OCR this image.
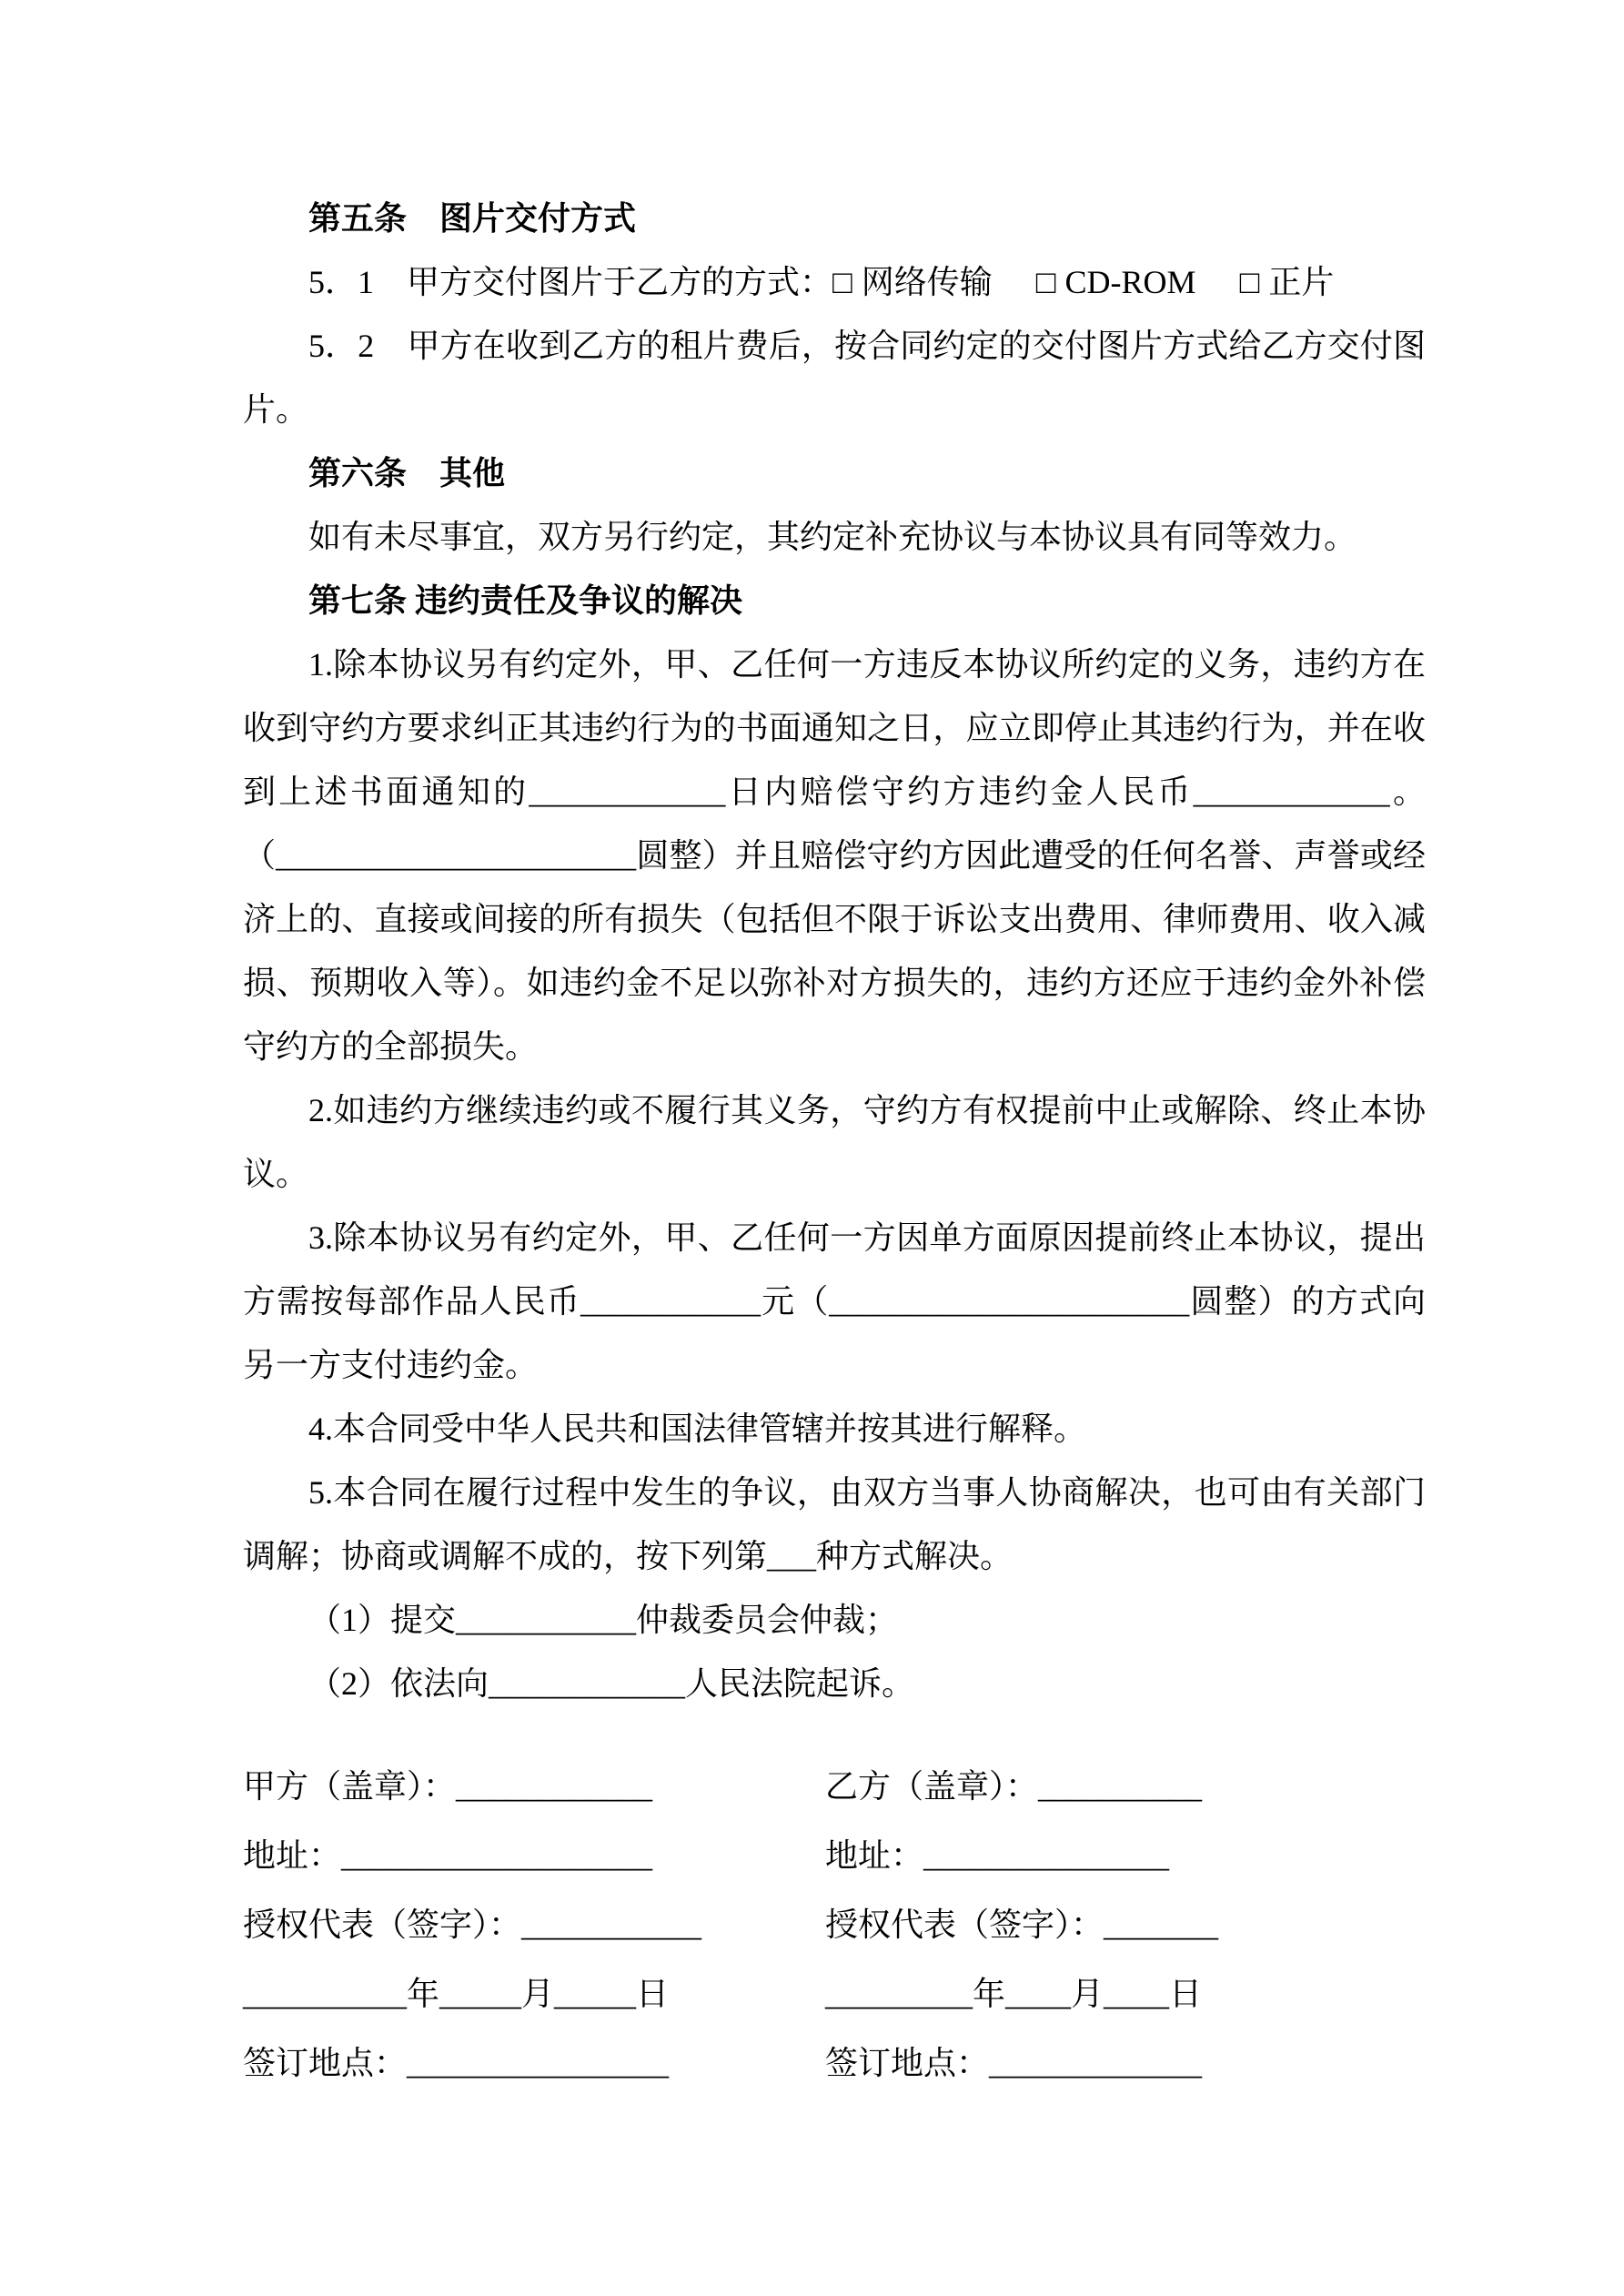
第五条　图片交付方式

5．1　甲方交付图片于乙方的方式：□ 网络传输 □ CD-ROM □ 正片

5．2　甲方在收到乙方的租片费后，按合同约定的交付图片方式给乙方交付图片。

第六条　其他

如有未尽事宜，双方另行约定，其约定补充协议与本协议具有同等效力。

第七条 违约责任及争议的解决

1.除本协议另有约定外，甲、乙任何一方违反本协议所约定的义务，违约方在收到守约方要求纠正其违约行为的书面通知之日，应立即停止其违约行为，并在收到上述书面通知的____________日内赔偿守约方违约金人民币____________。（______________________圆整）并且赔偿守约方因此遭受的任何名誉、声誉或经济上的、直接或间接的所有损失（包括但不限于诉讼支出费用、律师费用、收入减损、预期收入等）。如违约金不足以弥补对方损失的，违约方还应于违约金外补偿守约方的全部损失。

2.如违约方继续违约或不履行其义务，守约方有权提前中止或解除、终止本协议。

3.除本协议另有约定外，甲、乙任何一方因单方面原因提前终止本协议，提出方需按每部作品人民币___________元（______________________圆整）的方式向另一方支付违约金。

4.本合同受中华人民共和国法律管辖并按其进行解释。

5.本合同在履行过程中发生的争议，由双方当事人协商解决，也可由有关部门调解；协商或调解不成的，按下列第___种方式解决。

（1）提交___________仲裁委员会仲裁；

（2）依法向____________人民法院起诉。

甲方（盖章）：____________

地址：___________________

授权代表（签字）：___________

__________年_____月_____日

签订地点：________________

乙方（盖章）：__________

地址：_______________

授权代表（签字）：_______

_________年____月____日

签订地点：_____________
